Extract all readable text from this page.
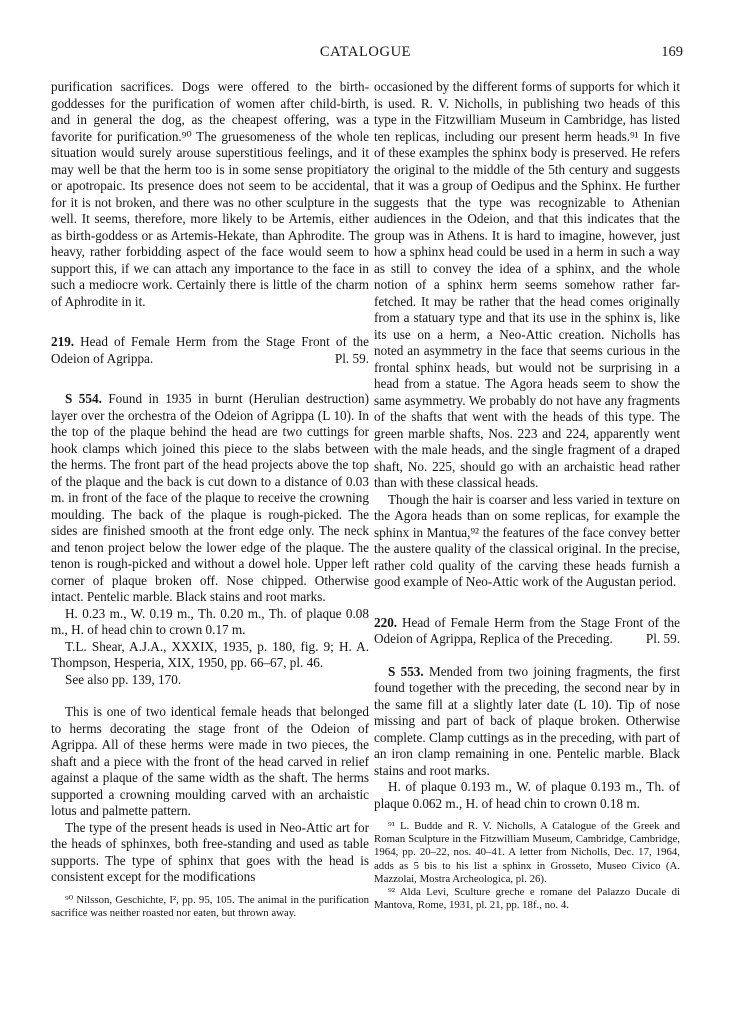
CATALOGUE	169

purification sacrifices. Dogs were offered to the birth-goddesses for the purification of women after child-birth, and in general the dog, as the cheapest offering, was a favorite for purification.⁹⁰ The gruesomeness of the whole situation would surely arouse superstitious feelings, and it may well be that the herm too is in some sense propitiatory or apotropaic. Its presence does not seem to be accidental, for it is not broken, and there was no other sculpture in the well. It seems, therefore, more likely to be Artemis, either as birth-goddess or as Artemis-Hekate, than Aphrodite. The heavy, rather forbidding aspect of the face would seem to support this, if we can attach any importance to the face in such a mediocre work. Certainly there is little of the charm of Aphrodite in it.

219. Head of Female Herm from the Stage Front of the Odeion of Agrippa.	Pl. 59.

S 554. Found in 1935 in burnt (Herulian destruction) layer over the orchestra of the Odeion of Agrippa (L 10). In the top of the plaque behind the head are two cuttings for hook clamps which joined this piece to the slabs between the herms. The front part of the head projects above the top of the plaque and the back is cut down to a distance of 0.03 m. in front of the face of the plaque to receive the crowning moulding. The back of the plaque is rough-picked. The sides are finished smooth at the front edge only. The neck and tenon project below the lower edge of the plaque. The tenon is rough-picked and without a dowel hole. Upper left corner of plaque broken off. Nose chipped. Otherwise intact. Pentelic marble. Black stains and root marks.

H. 0.23 m., W. 0.19 m., Th. 0.20 m., Th. of plaque 0.08 m., H. of head chin to crown 0.17 m.

T.L. Shear, A.J.A., XXXIX, 1935, p. 180, fig. 9; H. A. Thompson, Hesperia, XIX, 1950, pp. 66–67, pl. 46.

See also pp. 139, 170.

This is one of two identical female heads that belonged to herms decorating the stage front of the Odeion of Agrippa. All of these herms were made in two pieces, the shaft and a piece with the front of the head carved in relief against a plaque of the same width as the shaft. The herms supported a crowning moulding carved with an archaistic lotus and palmette pattern.

The type of the present heads is used in Neo-Attic art for the heads of sphinxes, both free-standing and used as table supports. The type of sphinx that goes with the head is consistent except for the modifications

⁹⁰ Nilsson, Geschichte, I², pp. 95, 105. The animal in the purification sacrifice was neither roasted nor eaten, but thrown away.

occasioned by the different forms of supports for which it is used. R. V. Nicholls, in publishing two heads of this type in the Fitzwilliam Museum in Cambridge, has listed ten replicas, including our present herm heads.⁹¹ In five of these examples the sphinx body is preserved. He refers the original to the middle of the 5th century and suggests that it was a group of Oedipus and the Sphinx. He further suggests that the type was recognizable to Athenian audiences in the Odeion, and that this indicates that the group was in Athens. It is hard to imagine, however, just how a sphinx head could be used in a herm in such a way as still to convey the idea of a sphinx, and the whole notion of a sphinx herm seems somehow rather far-fetched. It may be rather that the head comes originally from a statuary type and that its use in the sphinx is, like its use on a herm, a Neo-Attic creation. Nicholls has noted an asymmetry in the face that seems curious in the frontal sphinx heads, but would not be surprising in a head from a statue. The Agora heads seem to show the same asymmetry. We probably do not have any fragments of the shafts that went with the heads of this type. The green marble shafts, Nos. 223 and 224, apparently went with the male heads, and the single fragment of a draped shaft, No. 225, should go with an archaistic head rather than with these classical heads.

Though the hair is coarser and less varied in texture on the Agora heads than on some replicas, for example the sphinx in Mantua,⁹² the features of the face convey better the austere quality of the classical original. In the precise, rather cold quality of the carving these heads furnish a good example of Neo-Attic work of the Augustan period.

220. Head of Female Herm from the Stage Front of the Odeion of Agrippa, Replica of the Preceding.	Pl. 59.

S 553. Mended from two joining fragments, the first found together with the preceding, the second near by in the same fill at a slightly later date (L 10). Tip of nose missing and part of back of plaque broken. Otherwise complete. Clamp cuttings as in the preceding, with part of an iron clamp remaining in one. Pentelic marble. Black stains and root marks.

H. of plaque 0.193 m., W. of plaque 0.193 m., Th. of plaque 0.062 m., H. of head chin to crown 0.18 m.

⁹¹ L. Budde and R. V. Nicholls, A Catalogue of the Greek and Roman Sculpture in the Fitzwilliam Museum, Cambridge, Cambridge, 1964, pp. 20–22, nos. 40–41. A letter from Nicholls, Dec. 17, 1964, adds as 5 bis to his list a sphinx in Grosseto, Museo Civico (A. Mazzolai, Mostra Archeologica, pl. 26).

⁹² Alda Levi, Sculture greche e romane del Palazzo Ducale di Mantova, Rome, 1931, pl. 21, pp. 18f., no. 4.
